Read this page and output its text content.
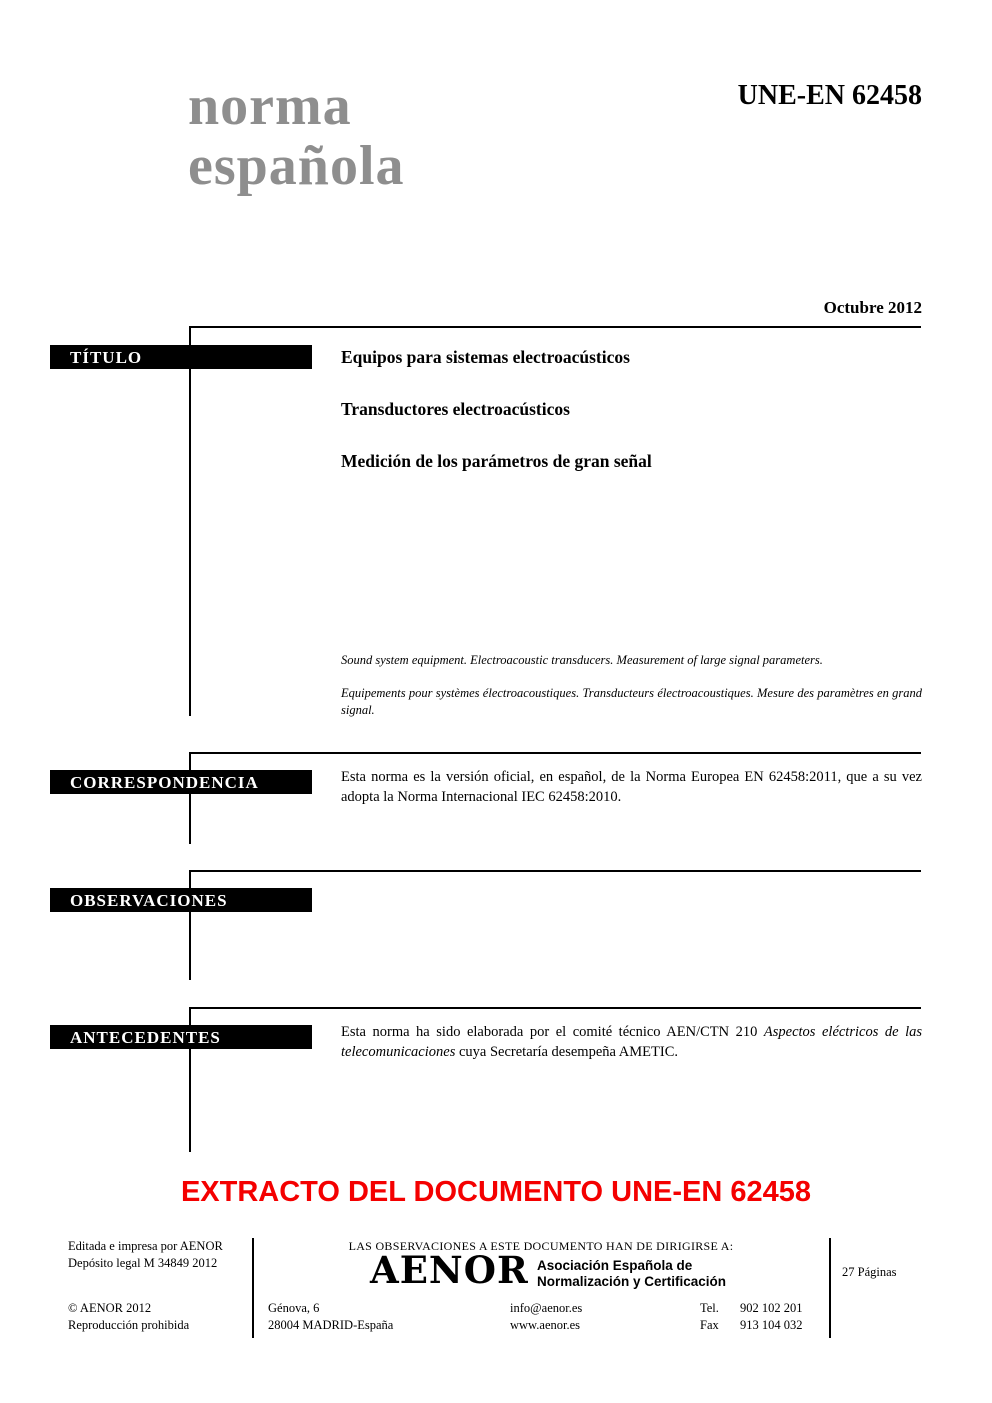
norma
española
UNE-EN 62458
Octubre 2012
TÍTULO	Equipos para sistemas electroacústicos
Transductores electroacústicos
Medición de los parámetros de gran señal
Sound system equipment. Electroacoustic transducers. Measurement of large signal parameters.
Equipements pour systèmes électroacoustiques. Transducteurs électroacoustiques. Mesure des paramètres en grand signal.
CORRESPONDENCIA	Esta norma es la versión oficial, en español, de la Norma Europea EN 62458:2011, que a su vez adopta la Norma Internacional IEC 62458:2010.
OBSERVACIONES
ANTECEDENTES	Esta norma ha sido elaborada por el comité técnico AEN/CTN 210 Aspectos eléctricos de las telecomunicaciones cuya Secretaría desempeña AMETIC.
EXTRACTO DEL DOCUMENTO UNE-EN 62458
Editada e impresa por AENOR
Depósito legal M 34849 2012
© AENOR 2012
Reproducción prohibida
LAS OBSERVACIONES A ESTE DOCUMENTO HAN DE DIRIGIRSE A:
AENOR Asociación Española de
Normalización y Certificación
Génova, 6
28004 MADRID-España
info@aenor.es
www.aenor.es
Tel. 902 102 201
Fax 913 104 032
27 Páginas
